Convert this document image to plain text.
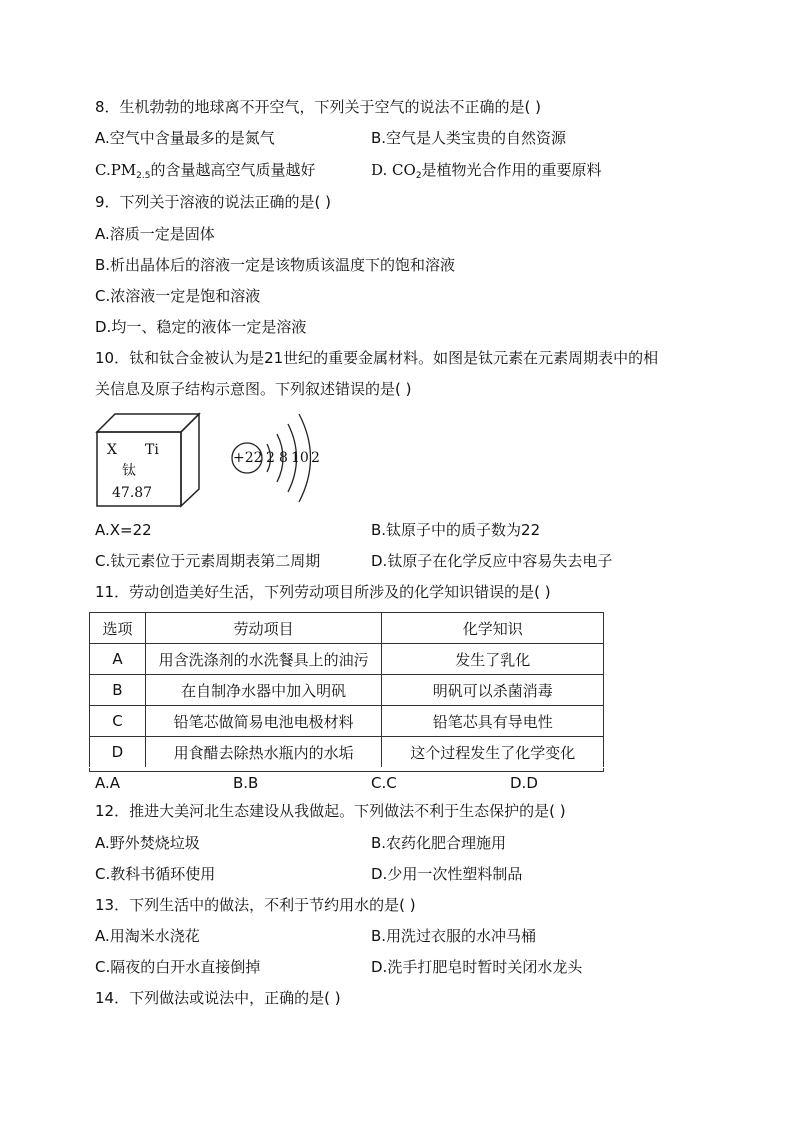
8．生机勃勃的地球离不开空气，下列关于空气的说法不正确的是( )
A.空气中含量最多的是氮气	B.空气是人类宝贵的自然资源
$C.PM_{2.5}$的含量越高空气质量越好	D. $CO_2$是植物光合作用的重要原料
9．下列关于溶液的说法正确的是( )
A.溶质一定是固体
B.析出晶体后的溶液一定是该物质该温度下的饱和溶液
C.浓溶液一定是饱和溶液
D.均一、稳定的液体一定是溶液
10．钛和钛合金被认为是21世纪的重要金属材料。如图是钛元素在元素周期表中的相
关信息及原子结构示意图。下列叙述错误的是( )
X Ti
钛
47.87
+22 2 8 10 2
A.X=22	B.钛原子中的质子数为22
C.钛元素位于元素周期表第二周期	D.钛原子在化学反应中容易失去电子
11．劳动创造美好生活，下列劳动项目所涉及的化学知识错误的是( )
选项	劳动项目	化学知识
A	用含洗涤剂的水洗餐具上的油污	发生了乳化
B	在自制净水器中加入明矾	明矾可以杀菌消毒
C	铅笔芯做简易电池电极材料	铅笔芯具有导电性
D	用食醋去除热水瓶内的水垢	这个过程发生了化学变化
A.A	B.B	C.C	D.D
12．推进大美河北生态建设从我做起。下列做法不利于生态保护的是( )
A.野外焚烧垃圾	B.农药化肥合理施用
C.教科书循环使用	D.少用一次性塑料制品
13．下列生活中的做法，不利于节约用水的是( )
A.用淘米水浇花	B.用洗过衣服的水冲马桶
C.隔夜的白开水直接倒掉	D.洗手打肥皂时暂时关闭水龙头
14．下列做法或说法中，正确的是( )
